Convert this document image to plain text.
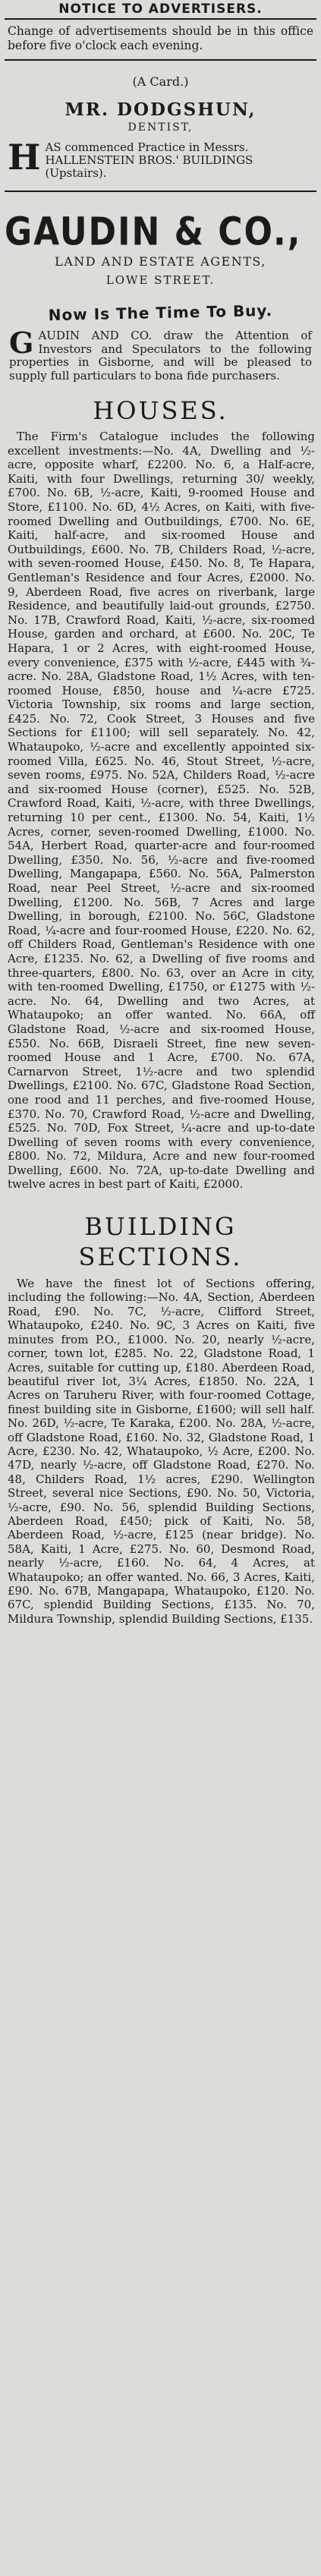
NOTICE TO ADVERTISERS.
Change of advertisements should be in this office before five o'clock each evening.
(A Card.)
MR. DODGSHUN,
DENTIST,
H AS commenced Practice in Messrs. HALLENSTEIN BROS.' BUILDINGS (Upstairs).
GAUDIN & CO.,
LAND AND ESTATE AGENTS,
LOWE STREET.
Now Is The Time To Buy.
G AUDIN AND CO. draw the Attention of Investors and Speculators to the following properties in Gisborne, and will be pleased to supply full particulars to bona fide purchasers.
HOUSES.
The Firm's Catalogue includes the following excellent investments:—No. 4A, Dwelling and ½-acre, opposite wharf, £2200. No. 6, a Half-acre, Kaiti, with four Dwellings, returning 30/ weekly, £700. No. 6B, ½-acre, Kaiti, 9-roomed House and Store, £1100. No. 6D, 4½ Acres, on Kaiti, with five-roomed Dwelling and Outbuildings, £700. No. 6E, Kaiti, half-acre, and six-roomed House and Outbuildings, £600. No. 7B, Childers Road, ½-acre, with seven-roomed House, £450. No. 8, Te Hapara, Gentleman's Residence and four Acres, £2000. No. 9, Aberdeen Road, five acres on riverbank, large Residence, and beautifully laid-out grounds, £2750. No. 17B, Crawford Road, Kaiti, ½-acre, six-roomed House, garden and orchard, at £600. No. 20C, Te Hapara, 1 or 2 Acres, with eight-roomed House, every convenience, £375 with ½-acre, £445 with ¾-acre. No. 28A, Gladstone Road, 1½ Acres, with ten-roomed House, £850, house and ¼-acre £725. Victoria Township, six rooms and large section, £425. No. 72, Cook Street, 3 Houses and five Sections for £1100; will sell separately. No. 42, Whataupoko, ½-acre and excellently appointed six-roomed Villa, £625. No. 46, Stout Street, ½-acre, seven rooms, £975. No. 52A, Childers Road, ½-acre and six-roomed House (corner), £525. No. 52B, Crawford Road, Kaiti, ½-acre, with three Dwellings, returning 10 per cent., £1300. No. 54, Kaiti, 1½ Acres, corner, seven-roomed Dwelling, £1000. No. 54A, Herbert Road, quarter-acre and four-roomed Dwelling, £350. No. 56, ½-acre and five-roomed Dwelling, Mangapapa, £560. No. 56A, Palmerston Road, near Peel Street, ½-acre and six-roomed Dwelling, £1200. No. 56B, 7 Acres and large Dwelling, in borough, £2100. No. 56C, Gladstone Road, ¼-acre and four-roomed House, £220. No. 62, off Childers Road, Gentleman's Residence with one Acre, £1235. No. 62, a Dwelling of five rooms and three-quarters, £800. No. 63, over an Acre in city, with ten-roomed Dwelling, £1750, or £1275 with ½-acre. No. 64, Dwelling and two Acres, at Whataupoko; an offer wanted. No. 66A, off Gladstone Road, ½-acre and six-roomed House, £550. No. 66B, Disraeli Street, fine new seven-roomed House and 1 Acre, £700. No. 67A, Carnarvon Street, 1½-acre and two splendid Dwellings, £2100. No. 67C, Gladstone Road Section, one rood and 11 perches, and five-roomed House, £370. No. 70, Crawford Road, ½-acre and Dwelling, £525. No. 70D, Fox Street, ¼-acre and up-to-date Dwelling of seven rooms with every convenience, £800. No. 72, Mildura, Acre and new four-roomed Dwelling, £600. No. 72A, up-to-date Dwelling and twelve acres in best part of Kaiti, £2000.
BUILDING SECTIONS.
We have the finest lot of Sections offering, including the following:—No. 4A, Section, Aberdeen Road, £90. No. 7C, ½-acre, Clifford Street, Whataupoko, £240. No. 9C, 3 Acres on Kaiti, five minutes from P.O., £1000. No. 20, nearly ½-acre, corner, town lot, £285. No. 22, Gladstone Road, 1 Acres, suitable for cutting up, £180. Aberdeen Road, beautiful river lot, 3¼ Acres, £1850. No. 22A, 1 Acres on Taruheru River, with four-roomed Cottage, finest building site in Gisborne, £1600; will sell half. No. 26D, ½-acre, Te Karaka, £200. No. 28A, ½-acre, off Gladstone Road, £160. No. 32, Gladstone Road, 1 Acre, £230. No. 42, Whataupoko, ½ Acre, £200. No. 47D, nearly ½-acre, off Gladstone Road, £270. No. 48, Childers Road, 1½ acres, £290. Wellington Street, several nice Sections, £90. No. 50, Victoria, ½-acre, £90. No. 56, splendid Building Sections, Aberdeen Road, £450; pick of Kaiti, No. 58, Aberdeen Road, ½-acre, £125 (near bridge). No. 58A, Kaiti, 1 Acre, £275. No. 60, Desmond Road, nearly ½-acre, £160. No. 64, 4 Acres, at Whataupoko; an offer wanted. No. 66, 3 Acres, Kaiti, £90. No. 67B, Mangapapa, Whataupoko, £120. No. 67C, splendid Building Sections, £135. No. 70, Mildura Township, splendid Building Sections, £135.
